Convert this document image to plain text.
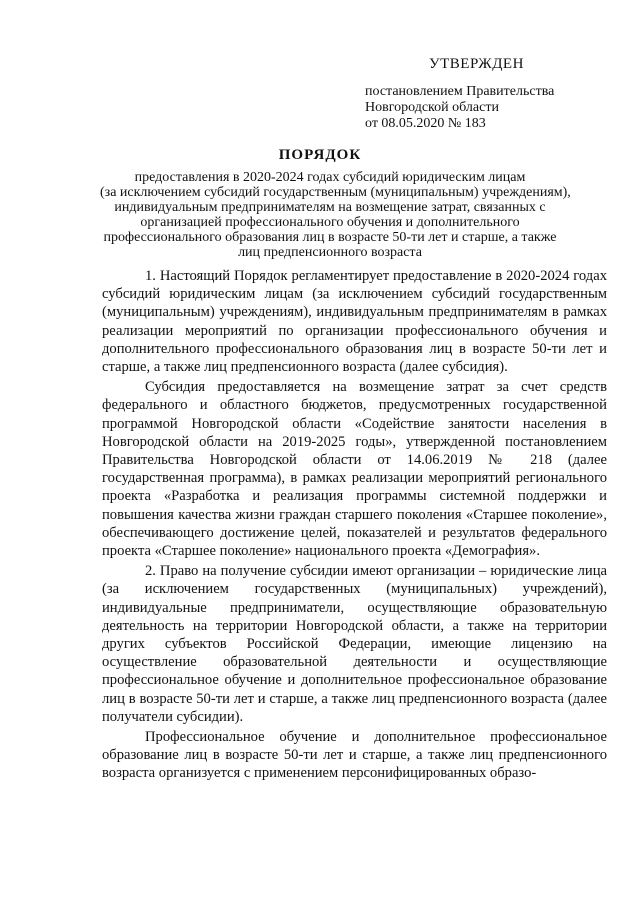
УТВЕРЖДЕН
постановлением Правительства
Новгородской области
от 08.05.2020 № 183
ПОРЯДОК
предоставления в 2020-2024 годах субсидий юридическим лицам
(за исключением субсидий государственным (муниципальным) учреждениям),
индивидуальным предпринимателям на возмещение затрат, связанных с
организацией профессионального обучения и дополнительного
профессионального образования лиц в возрасте 50-ти лет и старше, а также
лиц предпенсионного возраста

1. Настоящий Порядок регламентирует предоставление в 2020-2024 годах субсидий юридическим лицам (за исключением субсидий государственным (муниципальным) учреждениям), индивидуальным предпринимателям в рамках реализации мероприятий по организации профессионального обучения и дополнительного профессионального образования лиц в возрасте 50-ти лет и старше, а также лиц предпенсионного возраста (далее субсидия).

Субсидия предоставляется на возмещение затрат за счет средств федерального и областного бюджетов, предусмотренных государственной программой Новгородской области «Содействие занятости населения в Новгородской области на 2019-2025 годы», утвержденной постановлением Правительства Новгородской области от 14.06.2019 № 218 (далее государственная программа), в рамках реализации мероприятий регионального проекта «Разработка и реализация программы системной поддержки и повышения качества жизни граждан старшего поколения «Старшее поколение», обеспечивающего достижение целей, показателей и результатов федерального проекта «Старшее поколение» национального проекта «Демография».

2. Право на получение субсидии имеют организации – юридические лица (за исключением государственных (муниципальных) учреждений), индивидуальные предприниматели, осуществляющие образовательную деятельность на территории Новгородской области, а также на территории других субъектов Российской Федерации, имеющие лицензию на осуществление образовательной деятельности и осуществляющие профессиональное обучение и дополнительное профессиональное образование лиц в возрасте 50-ти лет и старше, а также лиц предпенсионного возраста (далее получатели субсидии).

Профессиональное обучение и дополнительное профессиональное образование лиц в возрасте 50-ти лет и старше, а также лиц предпенсионного возраста организуется с применением персонифицированных образо-
